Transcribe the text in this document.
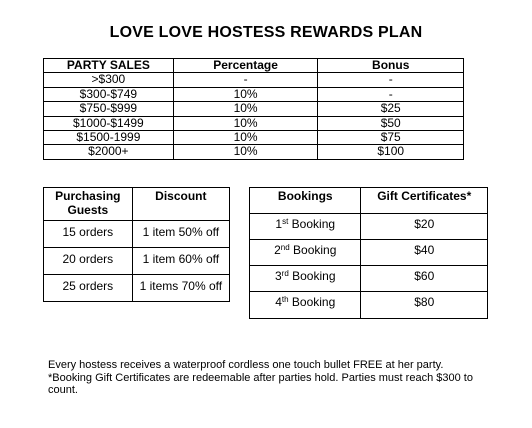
LOVE LOVE HOSTESS REWARDS PLAN
PARTY SALES	Percentage	Bonus
>$300	-	-
$300-$749	10%	-
$750-$999	10%	$25
$1000-$1499	10%	$50
$1500-1999	10%	$75
$2000+	10%	$100
Purchasing Guests	Discount
15 orders	1 item 50% off
20 orders	1 item 60% off
25 orders	1 items 70% off
Bookings	Gift Certificates*
1st Booking	$20
2nd Booking	$40
3rd Booking	$60
4th Booking	$80
Every hostess receives a waterproof cordless one touch bullet FREE at her party.
*Booking Gift Certificates are redeemable after parties hold. Parties must reach $300 to count.
